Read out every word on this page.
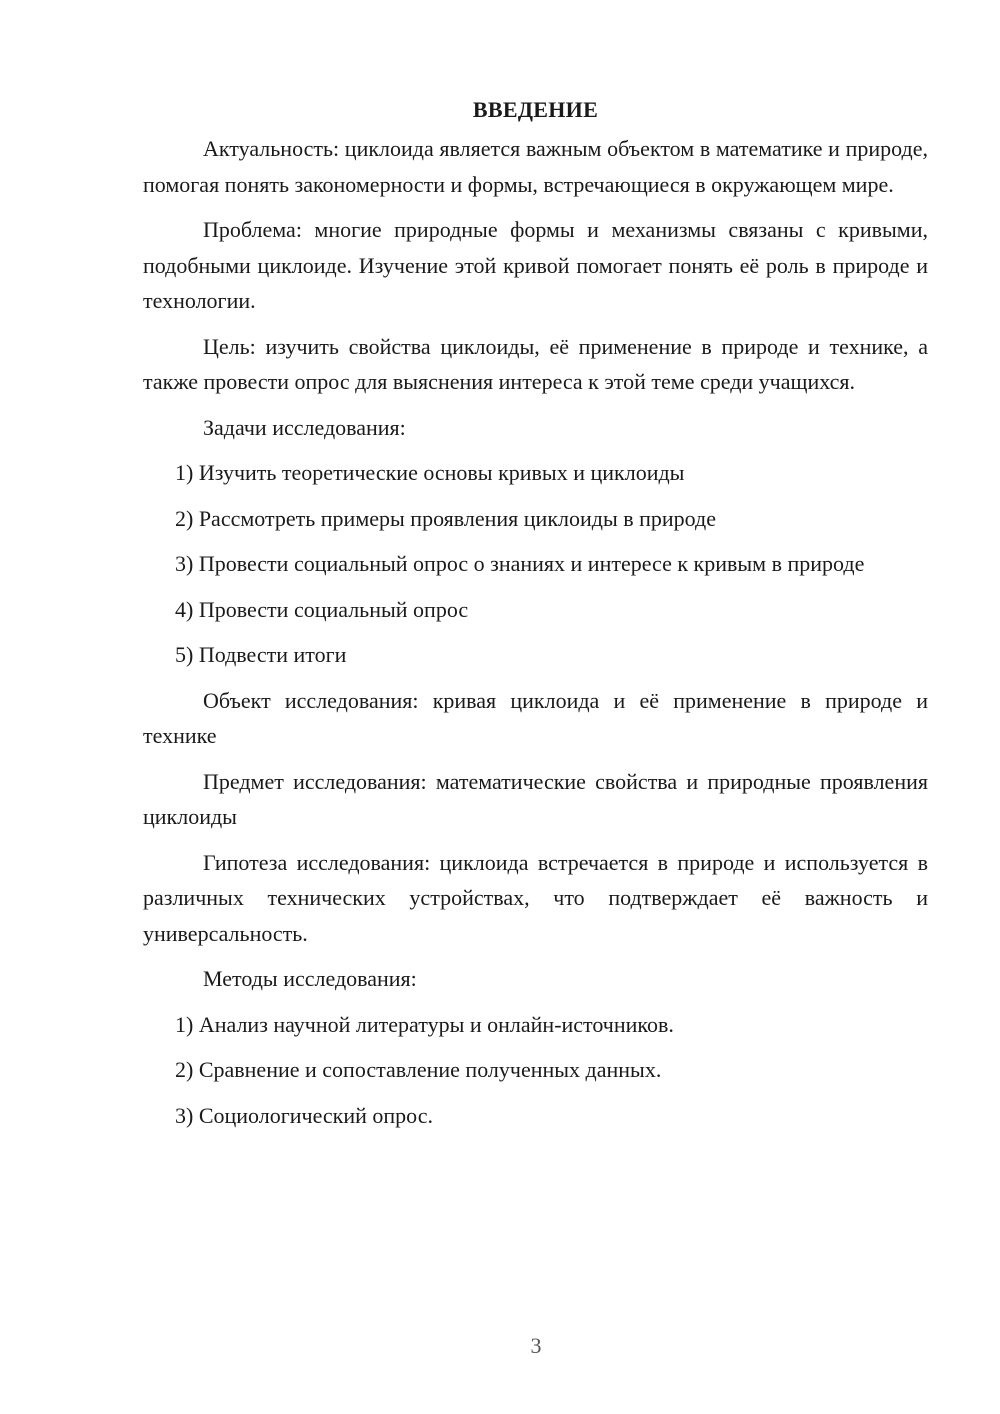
ВВЕДЕНИЕ

Актуальность: циклоида является важным объектом в математике и природе, помогая понять закономерности и формы, встречающиеся в окружающем мире.

Проблема: многие природные формы и механизмы связаны с кривыми, подобными циклоиде. Изучение этой кривой помогает понять её роль в природе и технологии.

Цель: изучить свойства циклоиды, её применение в природе и технике, а также провести опрос для выяснения интереса к этой теме среди учащихся.

Задачи исследования:

1) Изучить теоретические основы кривых и циклоиды

2) Рассмотреть примеры проявления циклоиды в природе

3) Провести социальный опрос о знаниях и интересе к кривым в природе

4) Провести социальный опрос

5) Подвести итоги

Объект исследования: кривая циклоида и её применение в природе и технике

Предмет исследования: математические свойства и природные проявления циклоиды

Гипотеза исследования: циклоида встречается в природе и используется в различных технических устройствах, что подтверждает её важность и универсальность.

Методы исследования:

1) Анализ научной литературы и онлайн-источников.

2) Сравнение и сопоставление полученных данных.

3) Социологический опрос.

3
